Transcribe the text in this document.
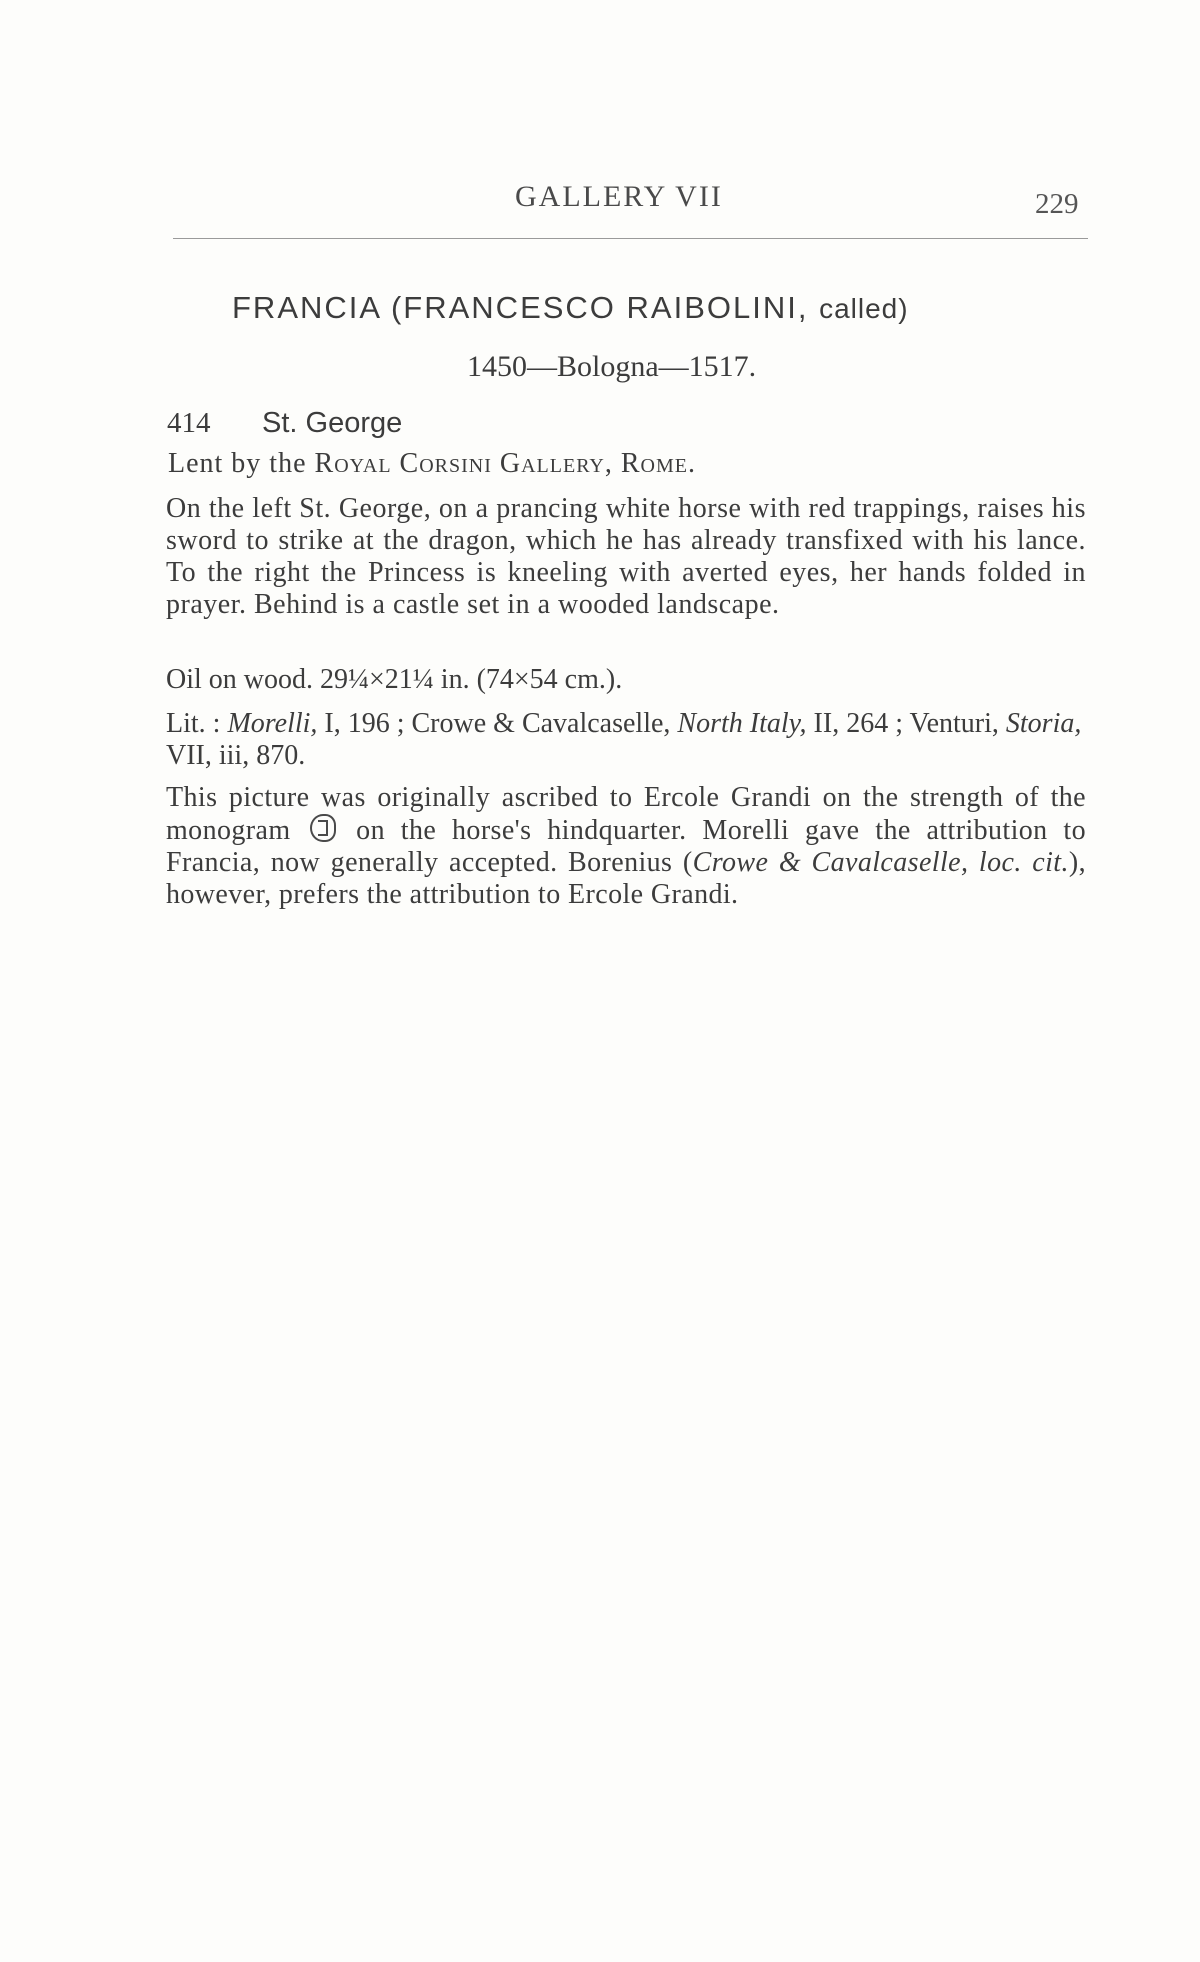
GALLERY VII	229
FRANCIA (FRANCESCO RAIBOLINI, called)
1450—Bologna—1517.
414 St. George
Lent by the Royal Corsini Gallery, Rome.
On the left St. George, on a prancing white horse with red trappings, raises his sword to strike at the dragon, which he has already transfixed with his lance. To the right the Princess is kneeling with averted eyes, her hands folded in prayer. Behind is a castle set in a wooded landscape.
Oil on wood. 29¼×21¼ in. (74×54 cm.).
Lit. : Morelli, I, 196 ; Crowe & Cavalcaselle, North Italy, II, 264 ; Venturi, Storia, VII, iii, 870.
This picture was originally ascribed to Ercole Grandi on the strength of the monogram on the horse's hindquarter. Morelli gave the attribution to Francia, now generally accepted. Borenius (Crowe & Cavalcaselle, loc. cit.), however, prefers the attribution to Ercole Grandi.
